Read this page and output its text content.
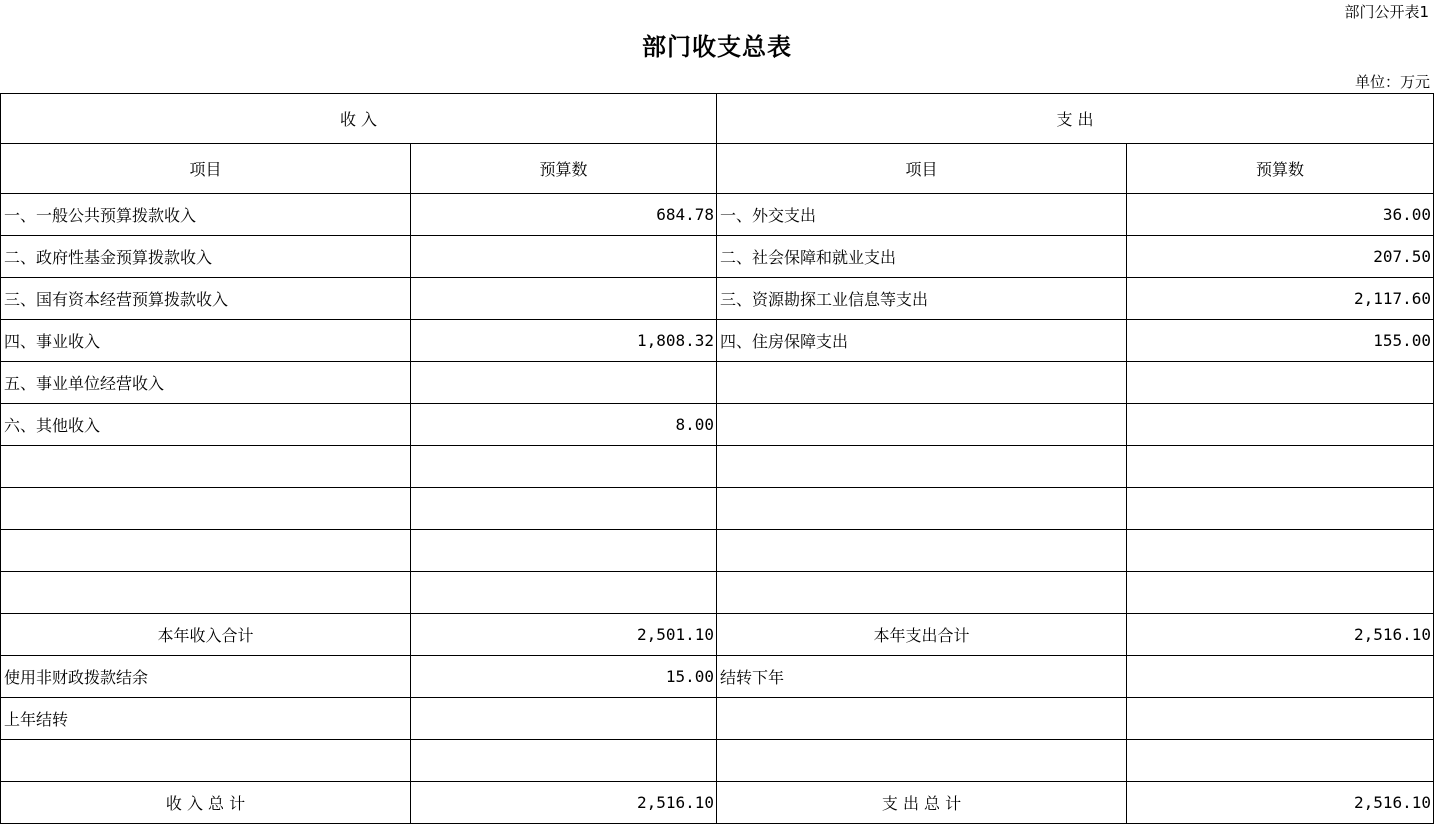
部门公开表1
部门收支总表
单位：万元
收 入		支 出	
项目	预算数	项目	预算数
一、一般公共预算拨款收入	684.78	一、外交支出	36.00
二、政府性基金预算拨款收入		二、社会保障和就业支出	207.50
三、国有资本经营预算拨款收入		三、资源勘探工业信息等支出	2,117.60
四、事业收入	1,808.32	四、住房保障支出	155.00
五、事业单位经营收入			
六、其他收入	8.00		

本年收入合计	2,501.10	本年支出合计	2,516.10
使用非财政拨款结余	15.00	结转下年	
上年结转			

收 入 总 计	2,516.10	支 出 总 计	2,516.10
